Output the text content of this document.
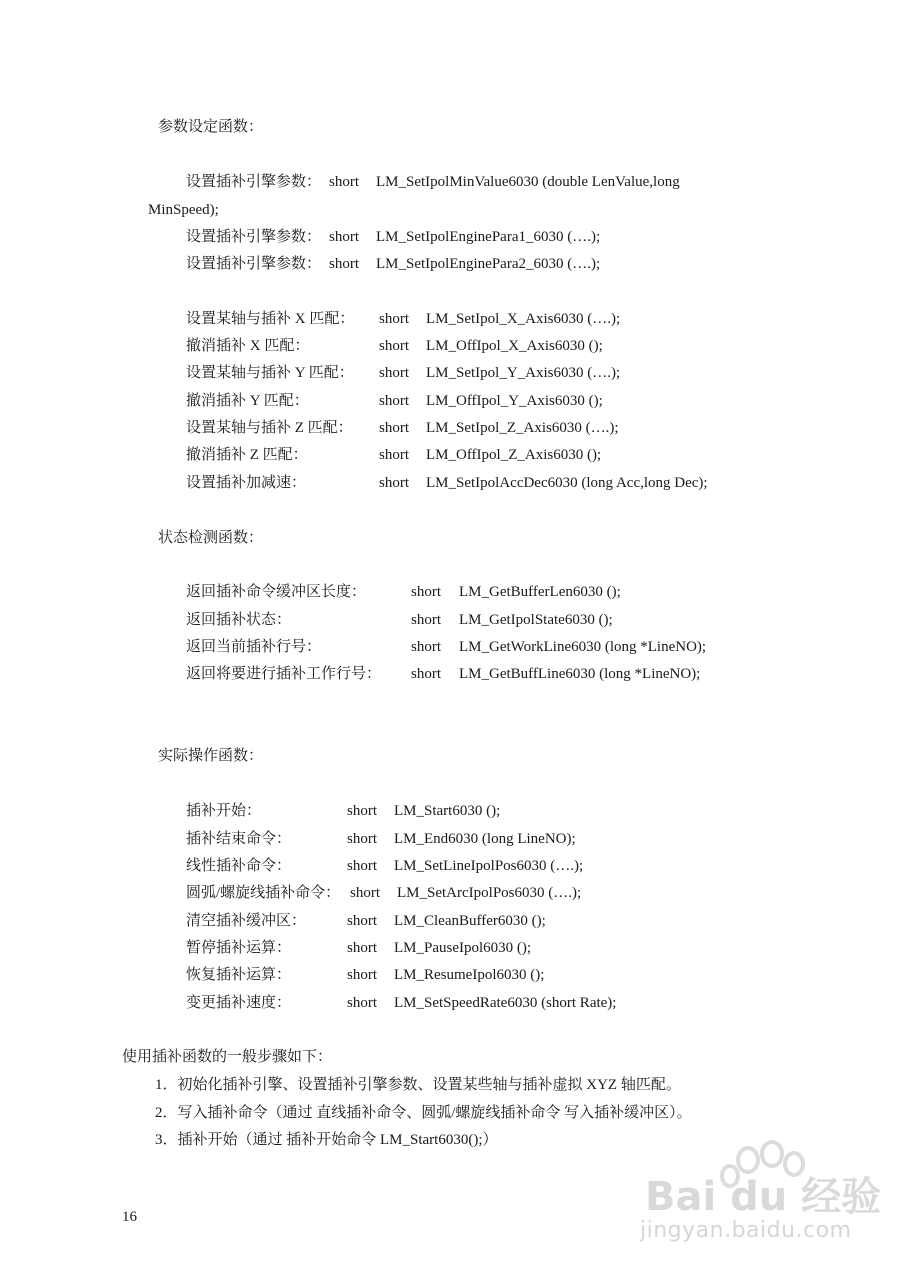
参数设定函数：
设置插补引擎参数： short LM_SetIpolMinValue6030 (double LenValue,long
MinSpeed);
设置插补引擎参数： short LM_SetIpolEnginePara1_6030 (….);
设置插补引擎参数： short LM_SetIpolEnginePara2_6030 (….);
设置某轴与插补 X 匹配： short LM_SetIpol_X_Axis6030 (….);
撤消插补 X 匹配：	short LM_OffIpol_X_Axis6030 ();
设置某轴与插补 Y 匹配： short LM_SetIpol_Y_Axis6030 (….);
撤消插补 Y 匹配：	short LM_OffIpol_Y_Axis6030 ();
设置某轴与插补 Z 匹配： short LM_SetIpol_Z_Axis6030 (….);
撤消插补 Z 匹配：	short LM_OffIpol_Z_Axis6030 ();
设置插补加减速：	short LM_SetIpolAccDec6030 (long Acc,long Dec);
状态检测函数：
返回插补命令缓冲区长度：	short LM_GetBufferLen6030 ();
返回插补状态：	short LM_GetIpolState6030 ();
返回当前插补行号：	short LM_GetWorkLine6030 (long *LineNO);
返回将要进行插补工作行号： short LM_GetBuffLine6030 (long *LineNO);
实际操作函数：
插补开始：	short LM_Start6030 ();
插补结束命令：	short LM_End6030 (long LineNO);
线性插补命令：	short LM_SetLineIpolPos6030 (….);
圆弧/螺旋线插补命令： short LM_SetArcIpolPos6030 (….);
清空插补缓冲区：	short LM_CleanBuffer6030 ();
暂停插补运算：	short LM_PauseIpol6030 ();
恢复插补运算：	short LM_ResumeIpol6030 ();
变更插补速度：	short LM_SetSpeedRate6030 (short Rate);
使用插补函数的一般步骤如下：
1．初始化插补引擎、设置插补引擎参数、设置某些轴与插补虚拟 XYZ 轴匹配。
2．写入插补命令（通过 直线插补命令、圆弧/螺旋线插补命令 写入插补缓冲区）。
3．插补开始（通过 插补开始命令 LM_Start6030();）
16	Bai du 经验
jingyan.baidu.com
